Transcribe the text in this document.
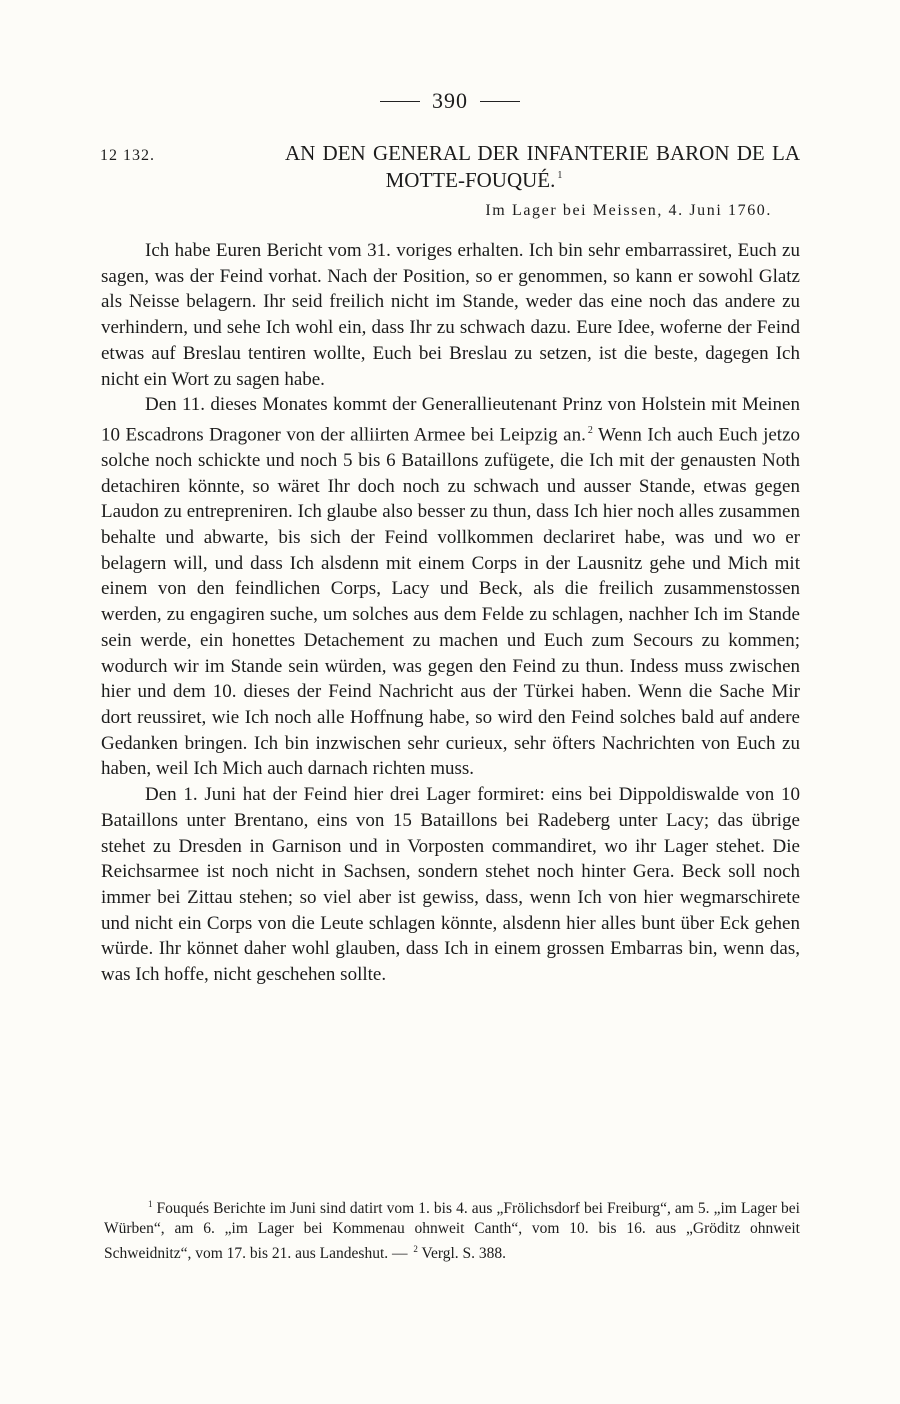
390
12 132.	AN DEN GENERAL DER INFANTERIE BARON DE LA
MOTTE-FOUQUÉ. $^1$
Im Lager bei Meissen, 4. Juni 1760.

Ich habe Euren Bericht vom 31. voriges erhalten. Ich bin sehr embarrassiret, Euch zu sagen, was der Feind vorhat. Nach der Position, so er genommen, so kann er sowohl Glatz als Neisse belagern. Ihr seid freilich nicht im Stande, weder das eine noch das andere zu verhindern, und sehe Ich wohl ein, dass Ihr zu schwach dazu. Eure Idee, woferne der Feind etwas auf Breslau tentiren wollte, Euch bei Breslau zu setzen, ist die beste, dagegen Ich nicht ein Wort zu sagen habe.

Den 11. dieses Monates kommt der Generallieutenant Prinz von Holstein mit Meinen 10 Escadrons Dragoner von der alliirten Armee bei Leipzig an. $^2$ Wenn Ich auch Euch jetzo solche noch schickte und noch 5 bis 6 Bataillons zufügete, die Ich mit der genausten Noth detachiren könnte, so wäret Ihr doch noch zu schwach und ausser Stande, etwas gegen Laudon zu entrepreniren. Ich glaube also besser zu thun, dass Ich hier noch alles zusammen behalte und abwarte, bis sich der Feind vollkommen declariret habe, was und wo er belagern will, und dass Ich alsdenn mit einem Corps in der Lausnitz gehe und Mich mit einem von den feindlichen Corps, Lacy und Beck, als die freilich zusammenstossen werden, zu engagiren suche, um solches aus dem Felde zu schlagen, nachher Ich im Stande sein werde, ein honettes Detachement zu machen und Euch zum Secours zu kommen; wodurch wir im Stande sein würden, was gegen den Feind zu thun. Indess muss zwischen hier und dem 10. dieses der Feind Nachricht aus der Türkei haben. Wenn die Sache Mir dort reussiret, wie Ich noch alle Hoffnung habe, so wird den Feind solches bald auf andere Gedanken bringen. Ich bin inzwischen sehr curieux, sehr öfters Nachrichten von Euch zu haben, weil Ich Mich auch darnach richten muss.

Den 1. Juni hat der Feind hier drei Lager formiret: eins bei Dippoldiswalde von 10 Bataillons unter Brentano, eins von 15 Bataillons bei Radeberg unter Lacy; das übrige stehet zu Dresden in Garnison und in Vorposten commandiret, wo ihr Lager stehet. Die Reichsarmee ist noch nicht in Sachsen, sondern stehet noch hinter Gera. Beck soll noch immer bei Zittau stehen; so viel aber ist gewiss, dass, wenn Ich von hier wegmarschirete und nicht ein Corps von die Leute schlagen könnte, alsdenn hier alles bunt über Eck gehen würde. Ihr könnet daher wohl glauben, dass Ich in einem grossen Embarras bin, wenn das, was Ich hoffe, nicht geschehen sollte.

$^1$ Fouqués Berichte im Juni sind datirt vom 1. bis 4. aus „Frölichsdorf bei Freiburg“, am 5. „im Lager bei Würben“, am 6. „im Lager bei Kommenau ohnweit Canth“, vom 10. bis 16. aus „Gröditz ohnweit Schweidnitz“, vom 17. bis 21. aus Landeshut. — $^2$ Vergl. S. 388.
